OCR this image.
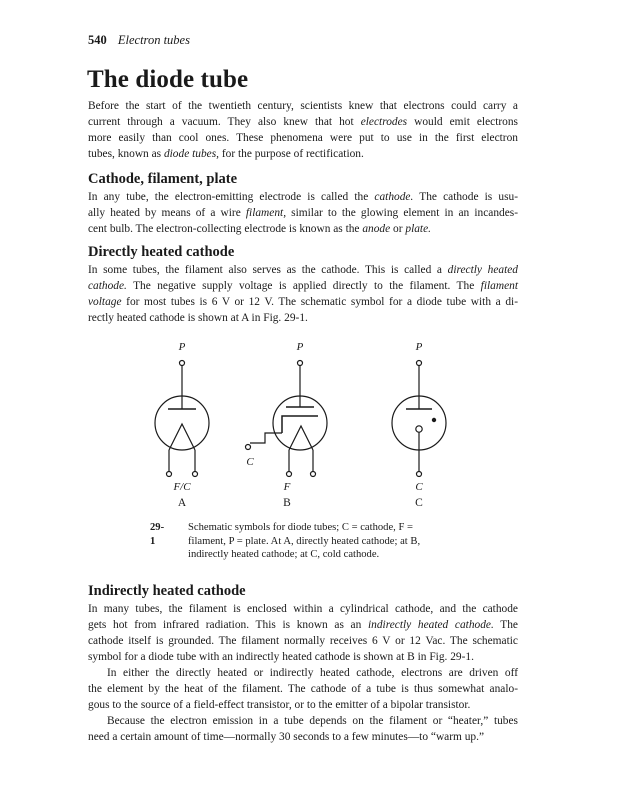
540 Electron tubes
The diode tube
Before the start of the twentieth century, scientists knew that electrons could carry a
current through a vacuum. They also knew that hot electrodes would emit electrons
more easily than cool ones. These phenomena were put to use in the first electron
tubes, known as diode tubes, for the purpose of rectification.
Cathode, filament, plate
In any tube, the electron-emitting electrode is called the cathode. The cathode is usu-
ally heated by means of a wire filament, similar to the glowing element in an incandes-
cent bulb. The electron-collecting electrode is known as the anode or plate.
Directly heated cathode
In some tubes, the filament also serves as the cathode. This is called a directly heated
cathode. The negative supply voltage is applied directly to the filament. The filament
voltage for most tubes is 6 V or 12 V. The schematic symbol for a diode tube with a di-
rectly heated cathode is shown at A in Fig. 29-1.
P
F/C
A
P
C
F
B
P
C
C
29-1
Schematic symbols for diode tubes; C = cathode, F =
filament, P = plate. At A, directly heated cathode; at B,
indirectly heated cathode; at C, cold cathode.
Indirectly heated cathode
In many tubes, the filament is enclosed within a cylindrical cathode, and the cathode
gets hot from infrared radiation. This is known as an indirectly heated cathode. The
cathode itself is grounded. The filament normally receives 6 V or 12 Vac. The schematic
symbol for a diode tube with an indirectly heated cathode is shown at B in Fig. 29-1.
In either the directly heated or indirectly heated cathode, electrons are driven off
the element by the heat of the filament. The cathode of a tube is thus somewhat analo-
gous to the source of a field-effect transistor, or to the emitter of a bipolar transistor.
Because the electron emission in a tube depends on the filament or “heater,” tubes
need a certain amount of time—normally 30 seconds to a few minutes—to “warm up.”
